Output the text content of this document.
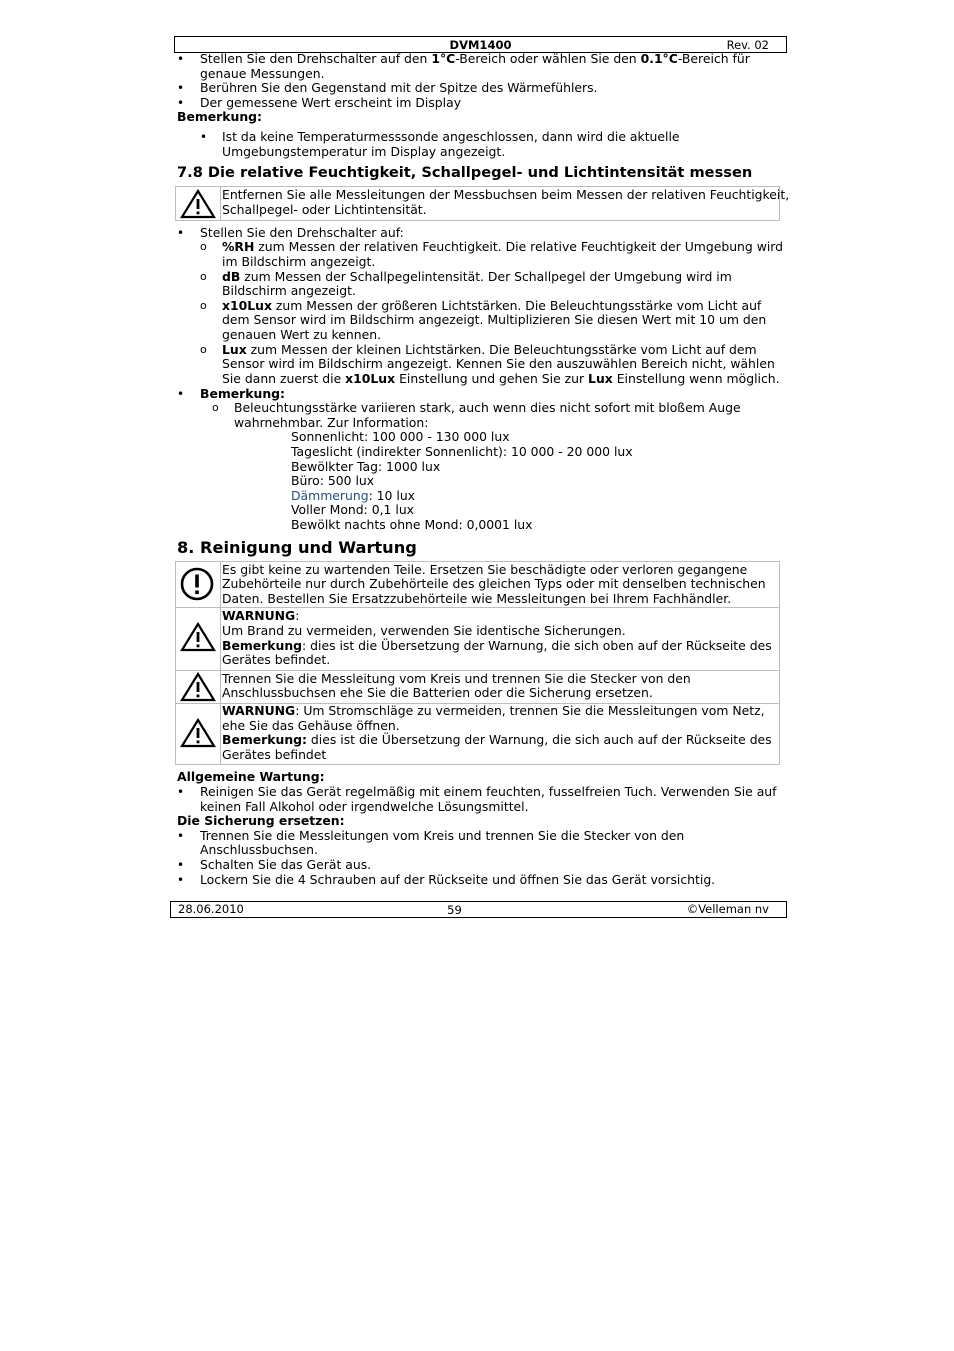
DVM1400	Rev. 02
• Stellen Sie den Drehschalter auf den 1°C-Bereich oder wählen Sie den 0.1°C-Bereich für
genaue Messungen.
• Berühren Sie den Gegenstand mit der Spitze des Wärmefühlers.
• Der gemessene Wert erscheint im Display
Bemerkung:
• Ist da keine Temperaturmesssonde angeschlossen, dann wird die aktuelle
Umgebungstemperatur im Display angezeigt.
7.8 Die relative Feuchtigkeit, Schallpegel- und Lichtintensität messen
Entfernen Sie alle Messleitungen der Messbuchsen beim Messen der relativen Feuchtigkeit,
Schallpegel- oder Lichtintensität.
• Stellen Sie den Drehschalter auf:
o %RH zum Messen der relativen Feuchtigkeit. Die relative Feuchtigkeit der Umgebung wird
im Bildschirm angezeigt.
o dB zum Messen der Schallpegelintensität. Der Schallpegel der Umgebung wird im
Bildschirm angezeigt.
o x10Lux zum Messen der größeren Lichtstärken. Die Beleuchtungsstärke vom Licht auf
dem Sensor wird im Bildschirm angezeigt. Multiplizieren Sie diesen Wert mit 10 um den
genauen Wert zu kennen.
o Lux zum Messen der kleinen Lichtstärken. Die Beleuchtungsstärke vom Licht auf dem
Sensor wird im Bildschirm angezeigt. Kennen Sie den auszuwählen Bereich nicht, wählen
Sie dann zuerst die x10Lux Einstellung und gehen Sie zur Lux Einstellung wenn möglich.
• Bemerkung:
o Beleuchtungsstärke variieren stark, auch wenn dies nicht sofort mit bloßem Auge
wahrnehmbar. Zur Information:
Sonnenlicht: 100 000 - 130 000 lux
Tageslicht (indirekter Sonnenlicht): 10 000 - 20 000 lux
Bewölkter Tag: 1000 lux
Büro: 500 lux
Dämmerung: 10 lux
Voller Mond: 0,1 lux
Bewölkt nachts ohne Mond: 0,0001 lux
8. Reinigung und Wartung
Es gibt keine zu wartenden Teile. Ersetzen Sie beschädigte oder verloren gegangene
Zubehörteile nur durch Zubehörteile des gleichen Typs oder mit denselben technischen
Daten. Bestellen Sie Ersatzzubehörteile wie Messleitungen bei Ihrem Fachhändler.
WARNUNG:
Um Brand zu vermeiden, verwenden Sie identische Sicherungen.
Bemerkung: dies ist die Übersetzung der Warnung, die sich oben auf der Rückseite des
Gerätes befindet.
Trennen Sie die Messleitung vom Kreis und trennen Sie die Stecker von den
Anschlussbuchsen ehe Sie die Batterien oder die Sicherung ersetzen.
WARNUNG: Um Stromschläge zu vermeiden, trennen Sie die Messleitungen vom Netz,
ehe Sie das Gehäuse öffnen.
Bemerkung: dies ist die Übersetzung der Warnung, die sich auch auf der Rückseite des
Gerätes befindet
Allgemeine Wartung:
• Reinigen Sie das Gerät regelmäßig mit einem feuchten, fusselfreien Tuch. Verwenden Sie auf
keinen Fall Alkohol oder irgendwelche Lösungsmittel.
Die Sicherung ersetzen:
• Trennen Sie die Messleitungen vom Kreis und trennen Sie die Stecker von den
Anschlussbuchsen.
• Schalten Sie das Gerät aus.
• Lockern Sie die 4 Schrauben auf der Rückseite und öffnen Sie das Gerät vorsichtig.
28.06.2010	59	©Velleman nv
